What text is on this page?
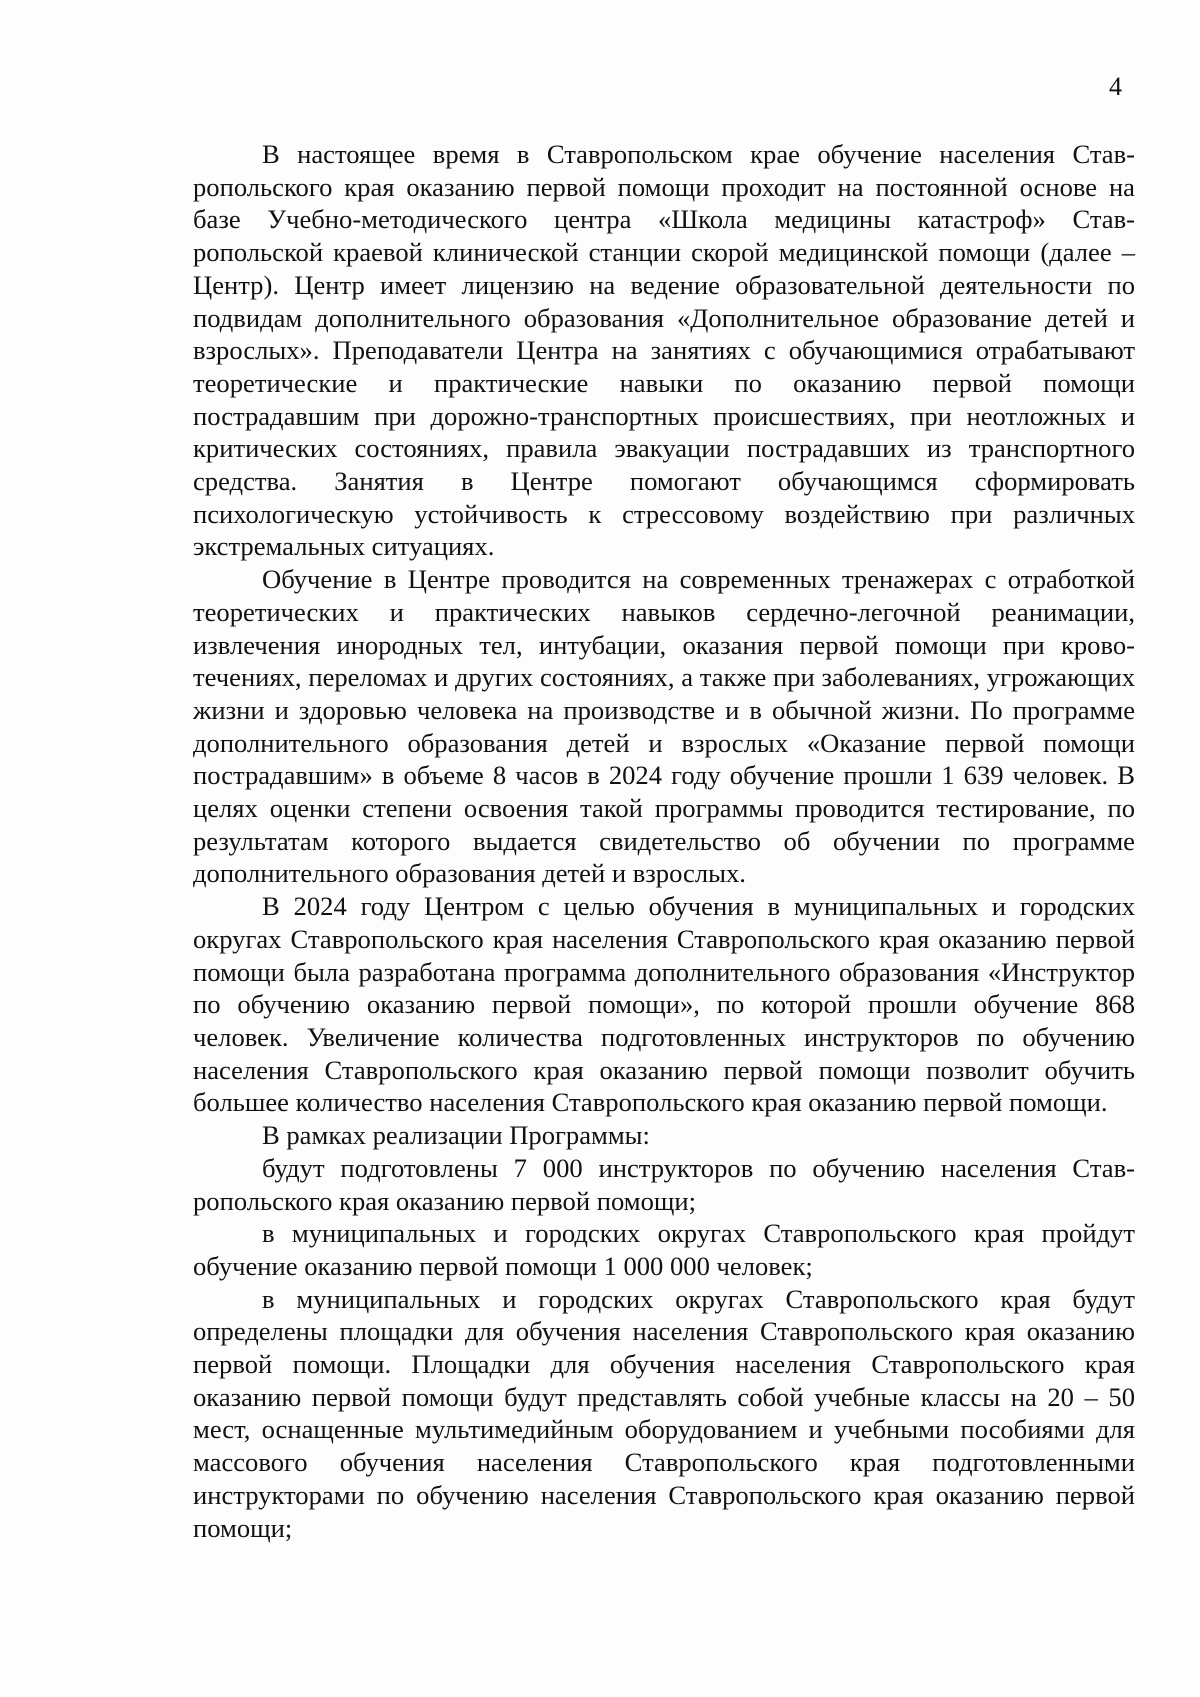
4

В настоящее время в Ставропольском крае обучение населения Ставропольского края оказанию первой помощи проходит на постоянной основе на базе Учебно-методического центра «Школа медицины катастроф» Ставропольской краевой клинической станции скорой медицинской помощи (далее – Центр). Центр имеет лицензию на ведение образовательной деятельности по подвидам дополнительного образования «Дополнительное образование детей и взрослых». Преподаватели Центра на занятиях с обучающимися отрабатывают теоретические и практические навыки по оказанию первой помощи пострадавшим при дорожно-транспортных происшествиях, при неотложных и критических состояниях, правила эвакуации пострадавших из транспортного средства. Занятия в Центре помогают обучающимся сформировать психологическую устойчивость к стрессовому воздействию при различных экстремальных ситуациях.

Обучение в Центре проводится на современных тренажерах с отработкой теоретических и практических навыков сердечно-легочной реанимации, извлечения инородных тел, интубации, оказания первой помощи при кровотечениях, переломах и других состояниях, а также при заболеваниях, угрожающих жизни и здоровью человека на производстве и в обычной жизни. По программе дополнительного образования детей и взрослых «Оказание первой помощи пострадавшим» в объеме 8 часов в 2024 году обучение прошли 1 639 человек. В целях оценки степени освоения такой программы проводится тестирование, по результатам которого выдается свидетельство об обучении по программе дополнительного образования детей и взрослых.

В 2024 году Центром с целью обучения в муниципальных и городских округах Ставропольского края населения Ставропольского края оказанию первой помощи была разработана программа дополнительного образования «Инструктор по обучению оказанию первой помощи», по которой прошли обучение 868 человек. Увеличение количества подготовленных инструкторов по обучению населения Ставропольского края оказанию первой помощи позволит обучить большее количество населения Ставропольского края оказанию первой помощи.

В рамках реализации Программы:

будут подготовлены 7 000 инструкторов по обучению населения Ставропольского края оказанию первой помощи;

в муниципальных и городских округах Ставропольского края пройдут обучение оказанию первой помощи 1 000 000 человек;

в муниципальных и городских округах Ставропольского края будут определены площадки для обучения населения Ставропольского края оказанию первой помощи. Площадки для обучения населения Ставропольского края оказанию первой помощи будут представлять собой учебные классы на 20 – 50 мест, оснащенные мультимедийным оборудованием и учебными пособиями для массового обучения населения Ставропольского края подготовленными инструкторами по обучению населения Ставропольского края оказанию первой помощи;
